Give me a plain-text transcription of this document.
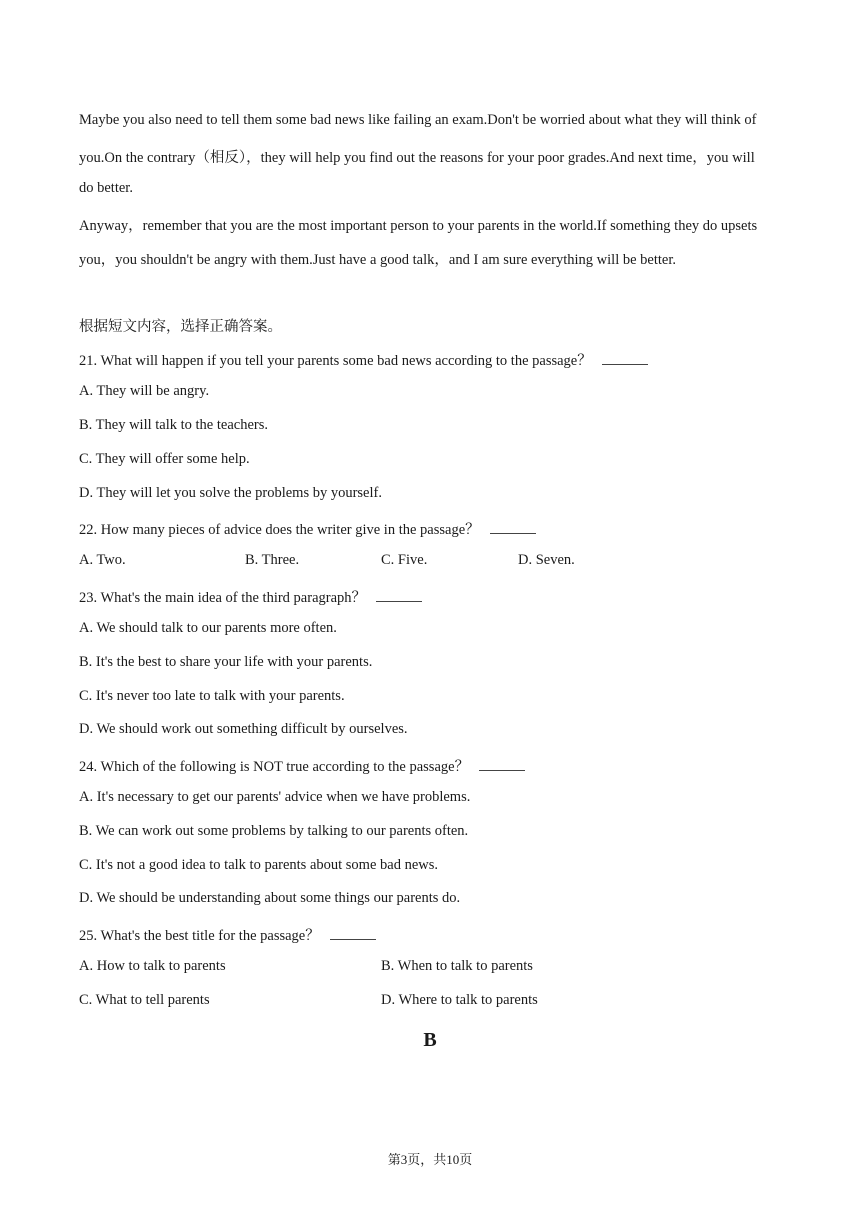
Maybe you also need to tell them some bad news like failing an exam.Don't be worried about what they will think of
you.On the contrary（相反），they will help you find out the reasons for your poor grades.And next time，you will
do better.
Anyway，remember that you are the most important person to your parents in the world.If something they do upsets
you，you shouldn't be angry with them.Just have a good talk，and I am sure everything will be better.
根据短文内容，选择正确答案。
21. What will happen if you tell your parents some bad news according to the passage？
A. They will be angry.
B. They will talk to the teachers.
C. They will offer some help.
D. They will let you solve the problems by yourself.
22. How many pieces of advice does the writer give in the passage？
A. Two.	B. Three.	C. Five.	D. Seven.
23. What's the main idea of the third paragraph？
A. We should talk to our parents more often.
B. It's the best to share your life with your parents.
C. It's never too late to talk with your parents.
D. We should work out something difficult by ourselves.
24. Which of the following is NOT true according to the passage？
A. It's necessary to get our parents' advice when we have problems.
B. We can work out some problems by talking to our parents often.
C. It's not a good idea to talk to parents about some bad news.
D. We should be understanding about some things our parents do.
25. What's the best title for the passage？
A. How to talk to parents	B. When to talk to parents
C. What to tell parents	D. Where to talk to parents
B
第3页，共10页
